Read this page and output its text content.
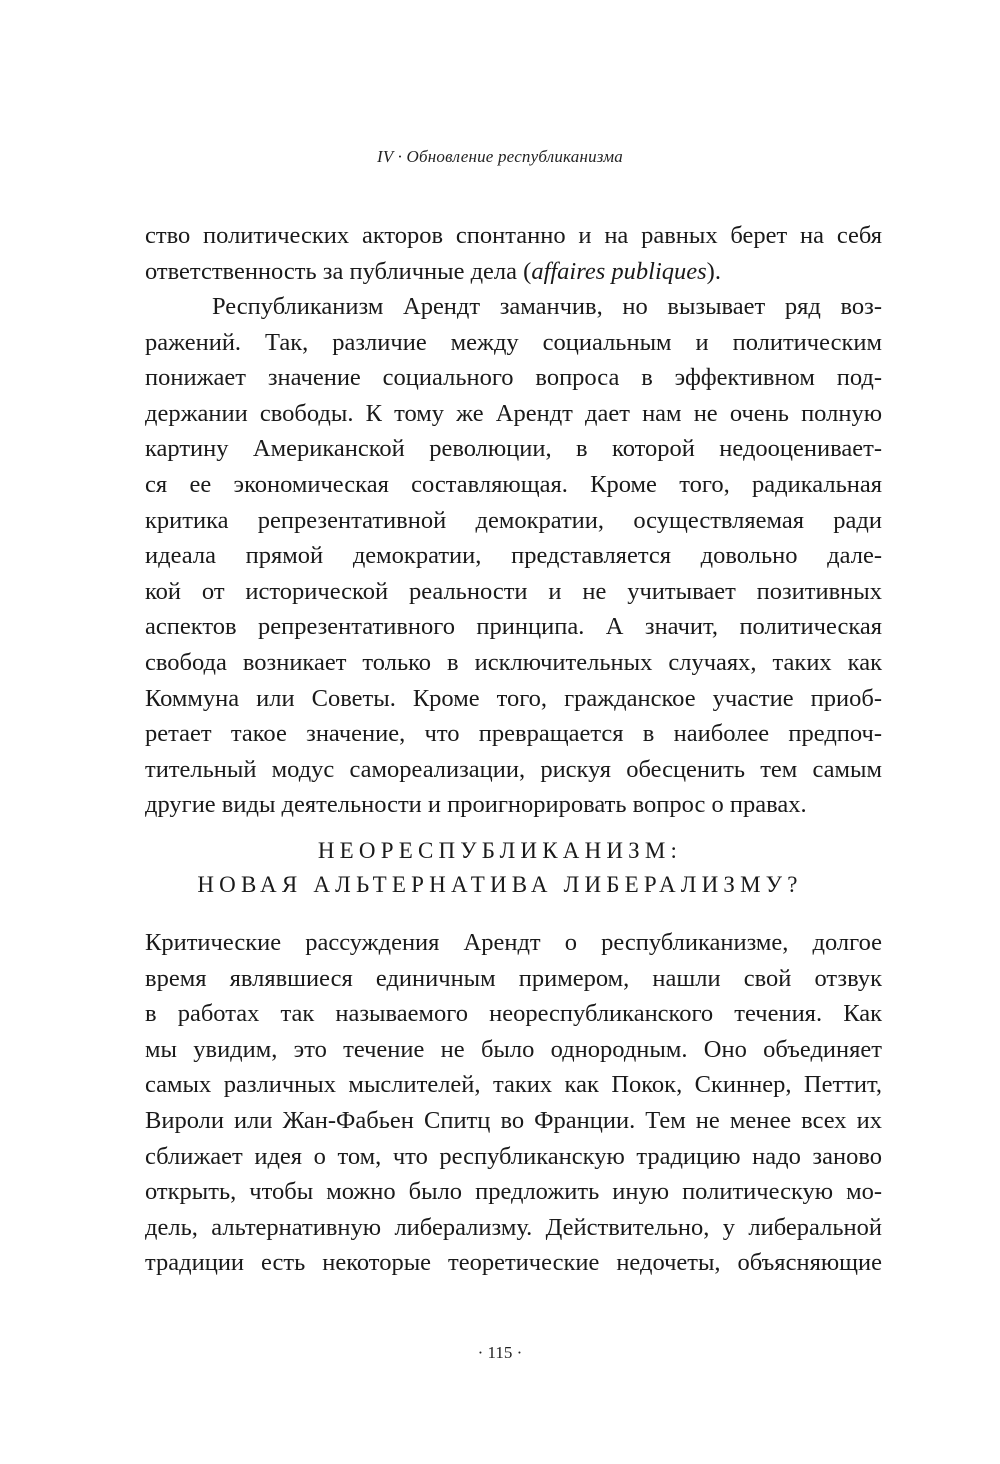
IV · Обновление республиканизма
ство политических акторов спонтанно и на равных берет на себя
ответственность за публичные дела (affaires publiques).
Республиканизм Арендт заманчив, но вызывает ряд воз-
ражений. Так, различие между социальным и политическим
понижает значение социального вопроса в эффективном под-
держании свободы. К тому же Арендт дает нам не очень полную
картину Американской революции, в которой недооценивает-
ся ее экономическая составляющая. Кроме того, радикальная
критика репрезентативной демократии, осуществляемая ради
идеала прямой демократии, представляется довольно далe-
кой от исторической реальности и не учитывает позитивных
аспектов репрезентативного принципа. А значит, политическая
свобода возникает только в исключительных случаях, таких как
Коммуна или Советы. Кроме того, гражданское участие приоб-
ретает такое значение, что превращается в наиболее предпоч-
тительный модус самореализации, рискуя обесценить тем самым
другие виды деятельности и проигнорировать вопрос о правах.
НЕОРЕСПУБЛИКАНИЗМ:
НОВАЯ АЛЬТЕРНАТИВА ЛИБЕРАЛИЗМУ?
Критические рассуждения Арендт о республиканизме, долгое
время являвшиеся единичным примером, нашли свой отзвук
в работах так называемого неореспубликанского течения. Как
мы увидим, это течение не было однородным. Оно объединяет
самых различных мыслителей, таких как Покок, Скиннер, Петтит,
Вироли или Жан-Фабьен Спитц во Франции. Тем не менее всех их
сближает идея о том, что республиканскую традицию надо заново
открыть, чтобы можно было предложить иную политическую мо-
дель, альтернативную либерализму. Действительно, у либеральной
традиции есть некоторые теоретические недочеты, объясняющие
· 115 ·
